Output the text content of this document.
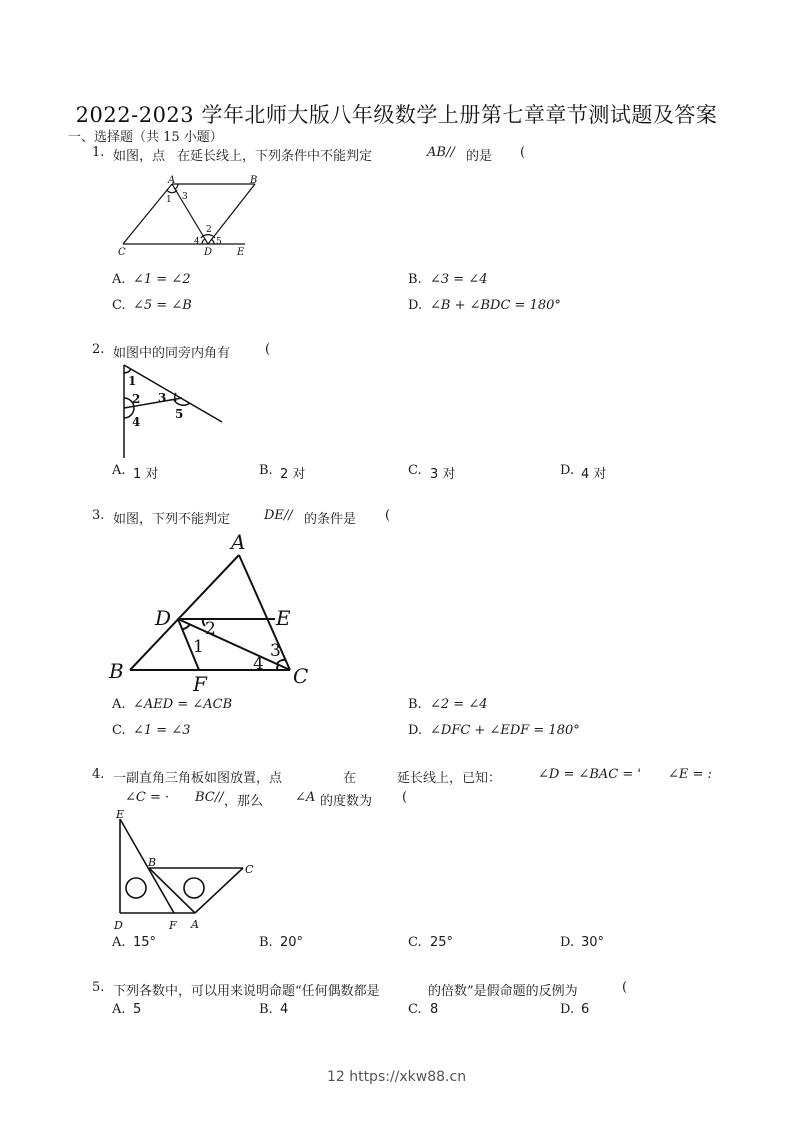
2022-2023 学年北师大版八年级数学上册第七章章节测试题及答案
一、选择题（共 15 小题）
1. 如图，点 在延长线上，下列条件中不能判定	AB// 的是 (
A	B
C	D E
1 3
2
4 5
A. ∠1 = ∠2	B. ∠3 = ∠4
C. ∠5 = ∠B	D. ∠B + ∠BDC = 180°
2. 如图中的同旁内角有	(
1
2 3
4
5
A. 1 对	B. 2 对	C. 3 对	D. 4 对
3. 如图，下列不能判定	DE// 的条件是 (
A
B	C
D	E
F
1
2
3
4
A. ∠AED = ∠ACB	B. ∠2 = ∠4
C. ∠1 = ∠3	D. ∠DFC + ∠EDF = 180°
4. 一副直角三角板如图放置，点	在	延长线上，已知：	∠D = ∠BAC = ' ∠E = :
∠C = · BC// ，那么 ∠A 的度数为 (
E
B
C
D	F A
A. 15°	B. 20°	C. 25°	D. 30°
5. 下列各数中，可以用来说明命题“任何偶数都是	的倍数”是假命题的反例为	(
A. 5	B. 4	C. 8	D. 6
12 https://xkw88.cn
